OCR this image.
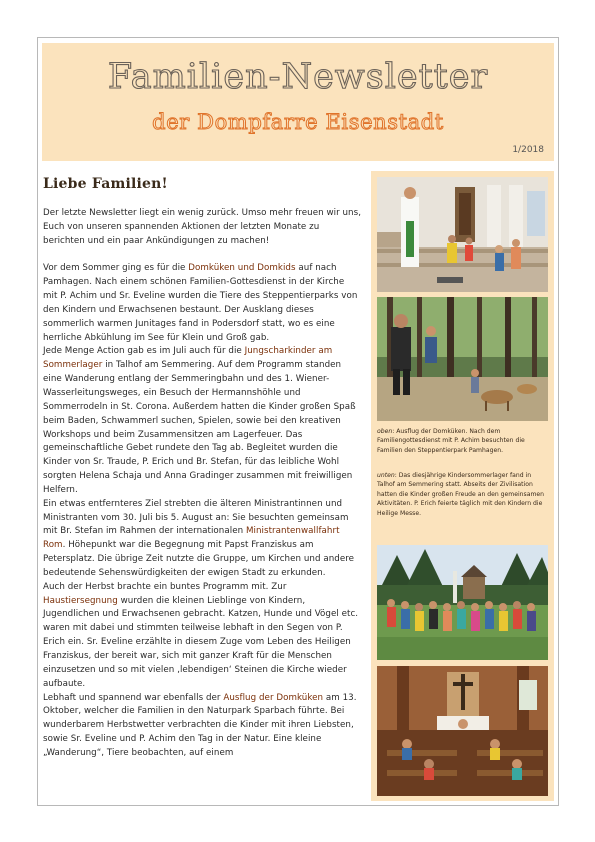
Familien-Newsletter
der Dompfarre Eisenstadt
1/2018
Liebe Familien!

Der letzte Newsletter liegt ein wenig zurück. Umso mehr freuen wir uns, Euch von unseren spannenden Aktionen der letzten Monate zu berichten und ein paar Ankündigungen zu machen!

Vor dem Sommer ging es für die Domküken und Domkids auf nach Pamhagen. Nach einem schönen Familien-Gottesdienst in der Kirche mit P. Achim und Sr. Eveline wurden die Tiere des Steppentierparks von den Kindern und Erwachsenen bestaunt. Der Ausklang dieses sommerlich warmen Junitages fand in Podersdorf statt, wo es eine herrliche Abkühlung im See für Klein und Groß gab.

Jede Menge Action gab es im Juli auch für die Jungscharkinder am Sommerlager in Talhof am Semmering. Auf dem Programm standen eine Wanderung entlang der Semmeringbahn und des 1. Wiener-Wasserleitungsweges, ein Besuch der Hermannshöhle und Sommerrodeln in St. Corona. Außerdem hatten die Kinder großen Spaß beim Baden, Schwammerl suchen, Spielen, sowie bei den kreativen Workshops und beim Zusammensitzen am Lagerfeuer. Das gemeinschaftliche Gebet rundete den Tag ab. Begleitet wurden die Kinder von Sr. Traude, P. Erich und Br. Stefan, für das leibliche Wohl sorgten Helena Schaja und Anna Gradinger zusammen mit freiwilligen Helfern.

Ein etwas entfernteres Ziel strebten die älteren Ministrantinnen und Ministranten vom 30. Juli bis 5. August an: Sie besuchten gemeinsam mit Br. Stefan im Rahmen der internationalen Ministrantenwallfahrt Rom. Höhepunkt war die Begegnung mit Papst Franziskus am Petersplatz. Die übrige Zeit nutzte die Gruppe, um Kirchen und andere bedeutende Sehenswürdigkeiten der ewigen Stadt zu erkunden.

Auch der Herbst brachte ein buntes Programm mit. Zur Haustiersegnung wurden die kleinen Lieblinge von Kindern, Jugendlichen und Erwachsenen gebracht. Katzen, Hunde und Vögel etc. waren mit dabei und stimmten teilweise lebhaft in den Segen von P. Erich ein. Sr. Eveline erzählte in diesem Zuge vom Leben des Heiligen Franziskus, der bereit war, sich mit ganzer Kraft für die Menschen einzusetzen und so mit vielen ‚lebendigen‘ Steinen die Kirche wieder aufbaute.

Lebhaft und spannend war ebenfalls der Ausflug der Domküken am 13. Oktober, welcher die Familien in den Naturpark Sparbach führte. Bei wunderbarem Herbstwetter verbrachten die Kinder mit ihren Liebsten, sowie Sr. Eveline und P. Achim den Tag in der Natur. Eine kleine „Wanderung“, Tiere beobachten, auf einem

oben: Ausflug der Domküken. Nach dem Familiengottesdienst mit P. Achim besuchten die Familien den Steppentierpark Pamhagen.
unten: Das diesjährige Kindersommerlager fand in Talhof am Semmering statt. Abseits der Zivilisation hatten die Kinder großen Freude an den gemeinsamen Aktivitäten. P. Erich feierte täglich mit den Kindern die Heilige Messe.
